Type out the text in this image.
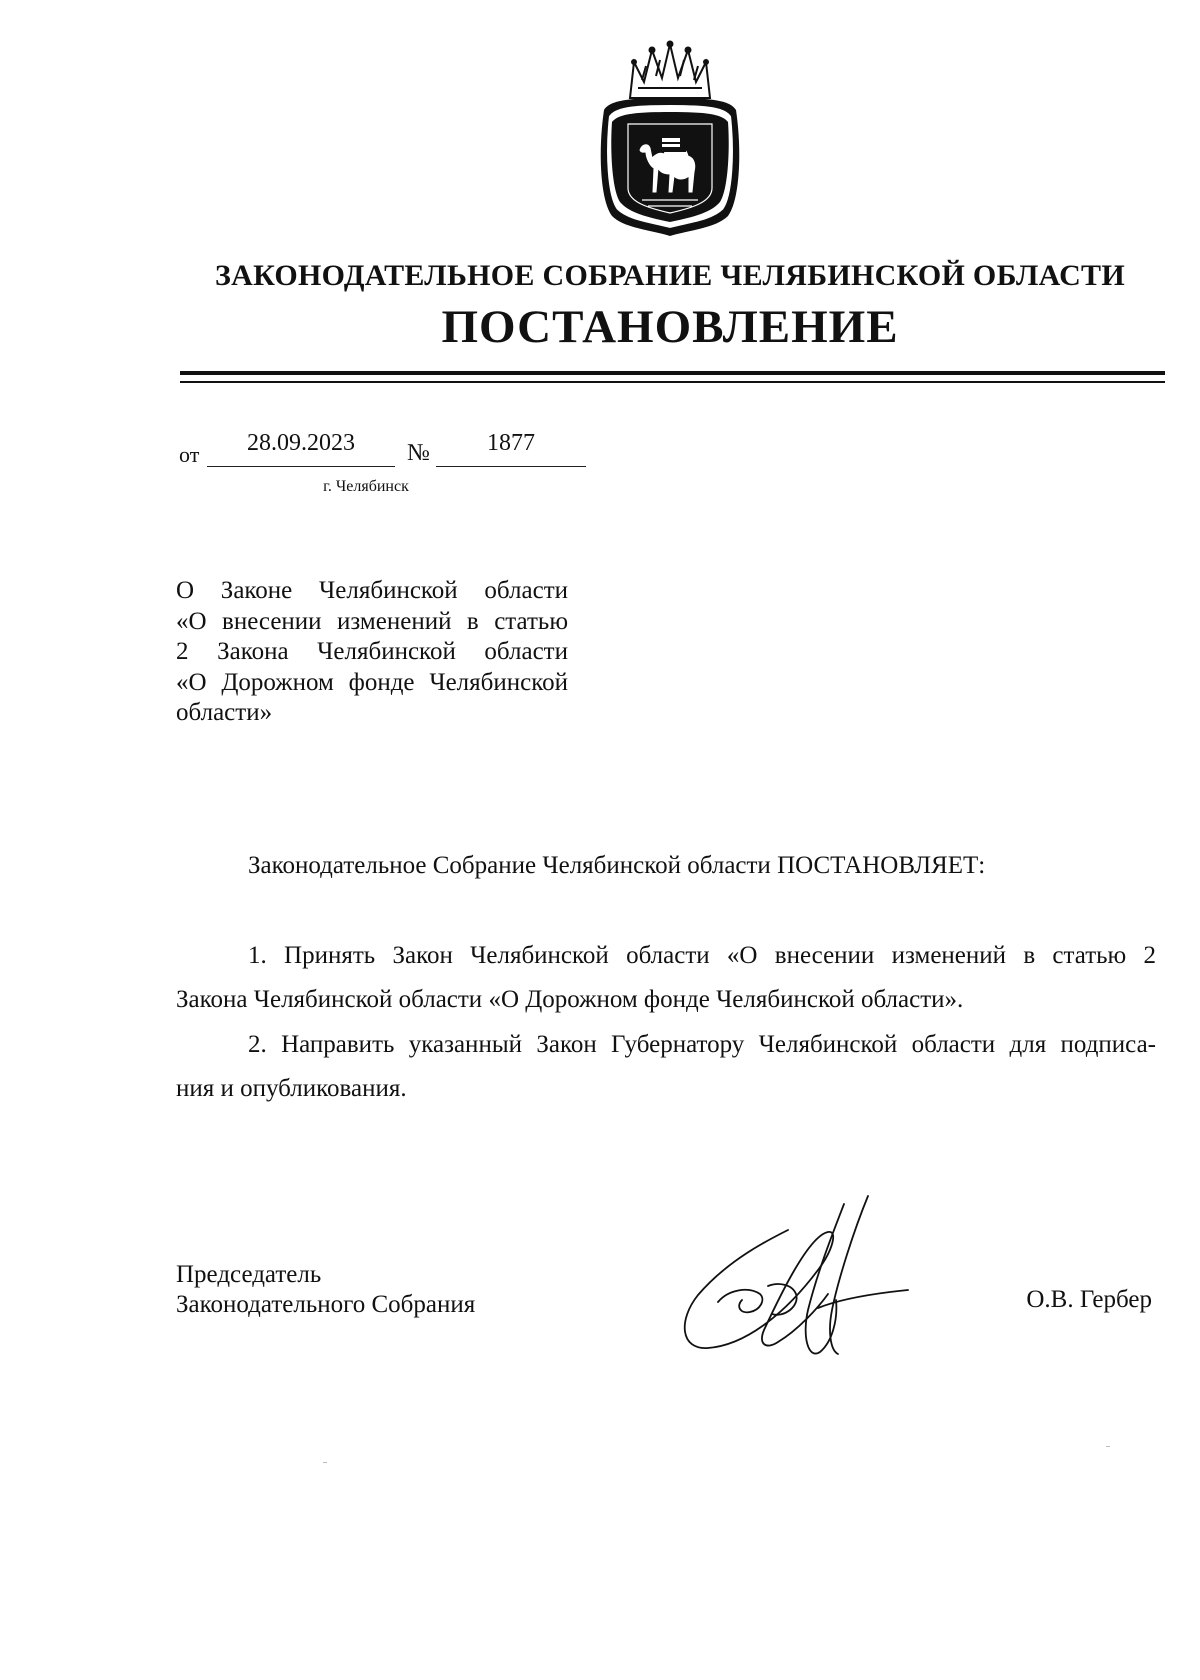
ЗАКОНОДАТЕЛЬНОЕ СОБРАНИЕ ЧЕЛЯБИНСКОЙ ОБЛАСТИ
ПОСТАНОВЛЕНИЕ
от	28.09.2023	№	1877
г. Челябинск
О Законе Челябинской области
«О внесении изменений в статью
2 Закона Челябинской области
«О Дорожном фонде Челябинской
области»
Законодательное Собрание Челябинской области ПОСТАНОВЛЯЕТ:
1. Принять Закон Челябинской области «О внесении изменений в статью 2
Закона Челябинской области «О Дорожном фонде Челябинской области».
2. Направить указанный Закон Губернатору Челябинской области для подписа-
ния и опубликования.
Председатель
Законодательного Собрания	О.В. Гербер
